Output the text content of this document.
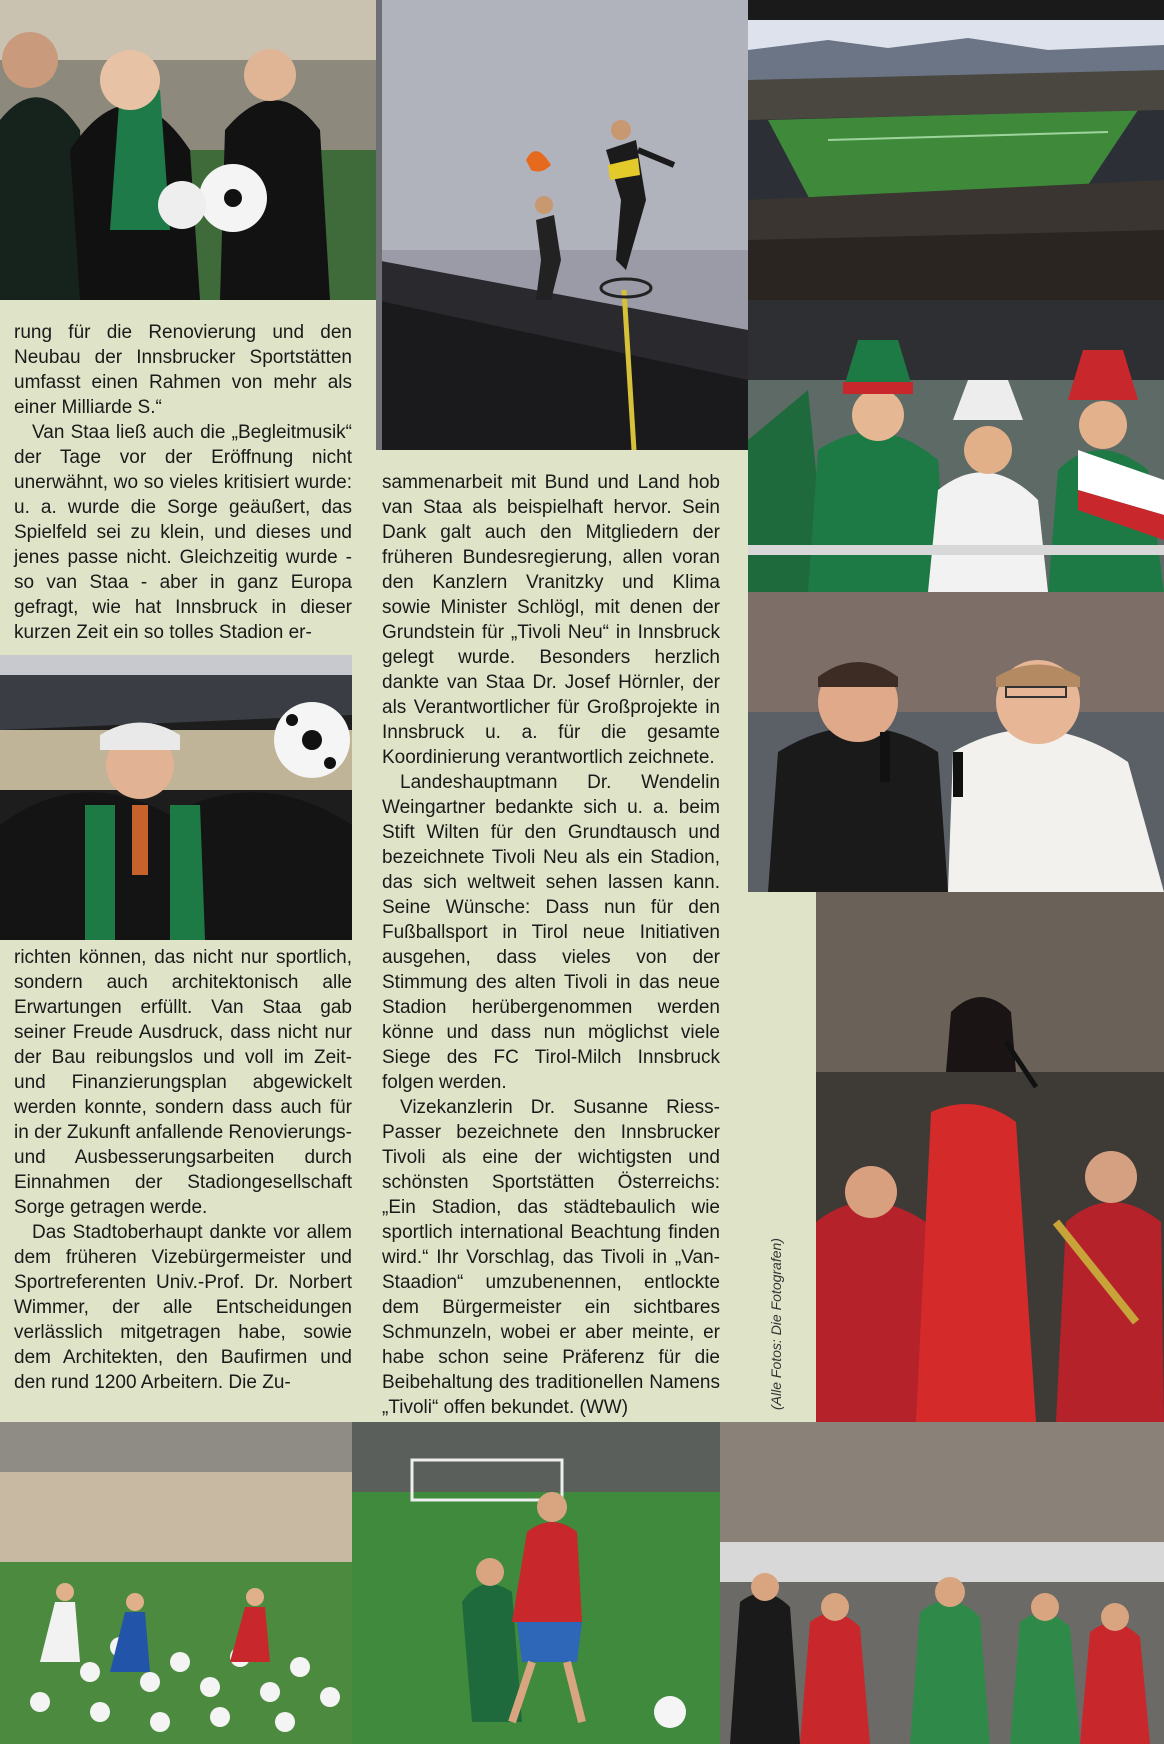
rung für die Renovierung und den Neubau der Innsbrucker Sportstätten umfasst einen Rahmen von mehr als einer Milliarde S.“

Van Staa ließ auch die „Begleitmusik“ der Tage vor der Eröffnung nicht unerwähnt, wo so vieles kritisiert wurde: u. a. wurde die Sorge geäußert, das Spielfeld sei zu klein, und dieses und jenes passe nicht. Gleichzeitig wurde - so van Staa - aber in ganz Europa gefragt, wie hat Innsbruck in dieser kurzen Zeit ein so tolles Stadion er-

richten können, das nicht nur sportlich, sondern auch architektonisch alle Erwartungen erfüllt. Van Staa gab seiner Freude Ausdruck, dass nicht nur der Bau reibungslos und voll im Zeit- und Finanzierungsplan abgewickelt werden konnte, sondern dass auch für in der Zukunft anfallende Renovierungs- und Ausbesserungsarbeiten durch Einnahmen der Stadiongesellschaft Sorge getragen werde.

Das Stadtoberhaupt dankte vor allem dem früheren Vizebürgermeister und Sportreferenten Univ.-Prof. Dr. Norbert Wimmer, der alle Entscheidungen verlässlich mitgetragen habe, sowie dem Architekten, den Baufirmen und den rund 1200 Arbeitern. Die Zu-

sammenarbeit mit Bund und Land hob van Staa als beispielhaft hervor. Sein Dank galt auch den Mitgliedern der früheren Bundesregierung, allen voran den Kanzlern Vranitzky und Klima sowie Minister Schlögl, mit denen der Grundstein für „Tivoli Neu“ in Innsbruck gelegt wurde. Besonders herzlich dankte van Staa Dr. Josef Hörnler, der als Verantwortlicher für Großprojekte in Innsbruck u. a. für die gesamte Koordinierung verantwortlich zeichnete.

Landeshauptmann Dr. Wendelin Weingartner bedankte sich u. a. beim Stift Wilten für den Grundtausch und bezeichnete Tivoli Neu als ein Stadion, das sich weltweit sehen lassen kann. Seine Wünsche: Dass nun für den Fußballsport in Tirol neue Initiativen ausgehen, dass vieles von der Stimmung des alten Tivoli in das neue Stadion herübergenommen werden könne und dass nun möglichst viele Siege des FC Tirol-Milch Innsbruck folgen werden.

Vizekanzlerin Dr. Susanne Riess-Passer bezeichnete den Innsbrucker Tivoli als eine der wichtigsten und schönsten Sportstätten Österreichs: „Ein Stadion, das städtebaulich wie sportlich international Beachtung finden wird.“ Ihr Vorschlag, das Tivoli in „Van-Staadion“ umzubenennen, entlockte dem Bürgermeister ein sichtbares Schmunzeln, wobei er aber meinte, er habe schon seine Präferenz für die Beibehaltung des traditionellen Namens „Tivoli“ offen bekundet. (WW)	(Alle Fotos: Die Fotografen)
